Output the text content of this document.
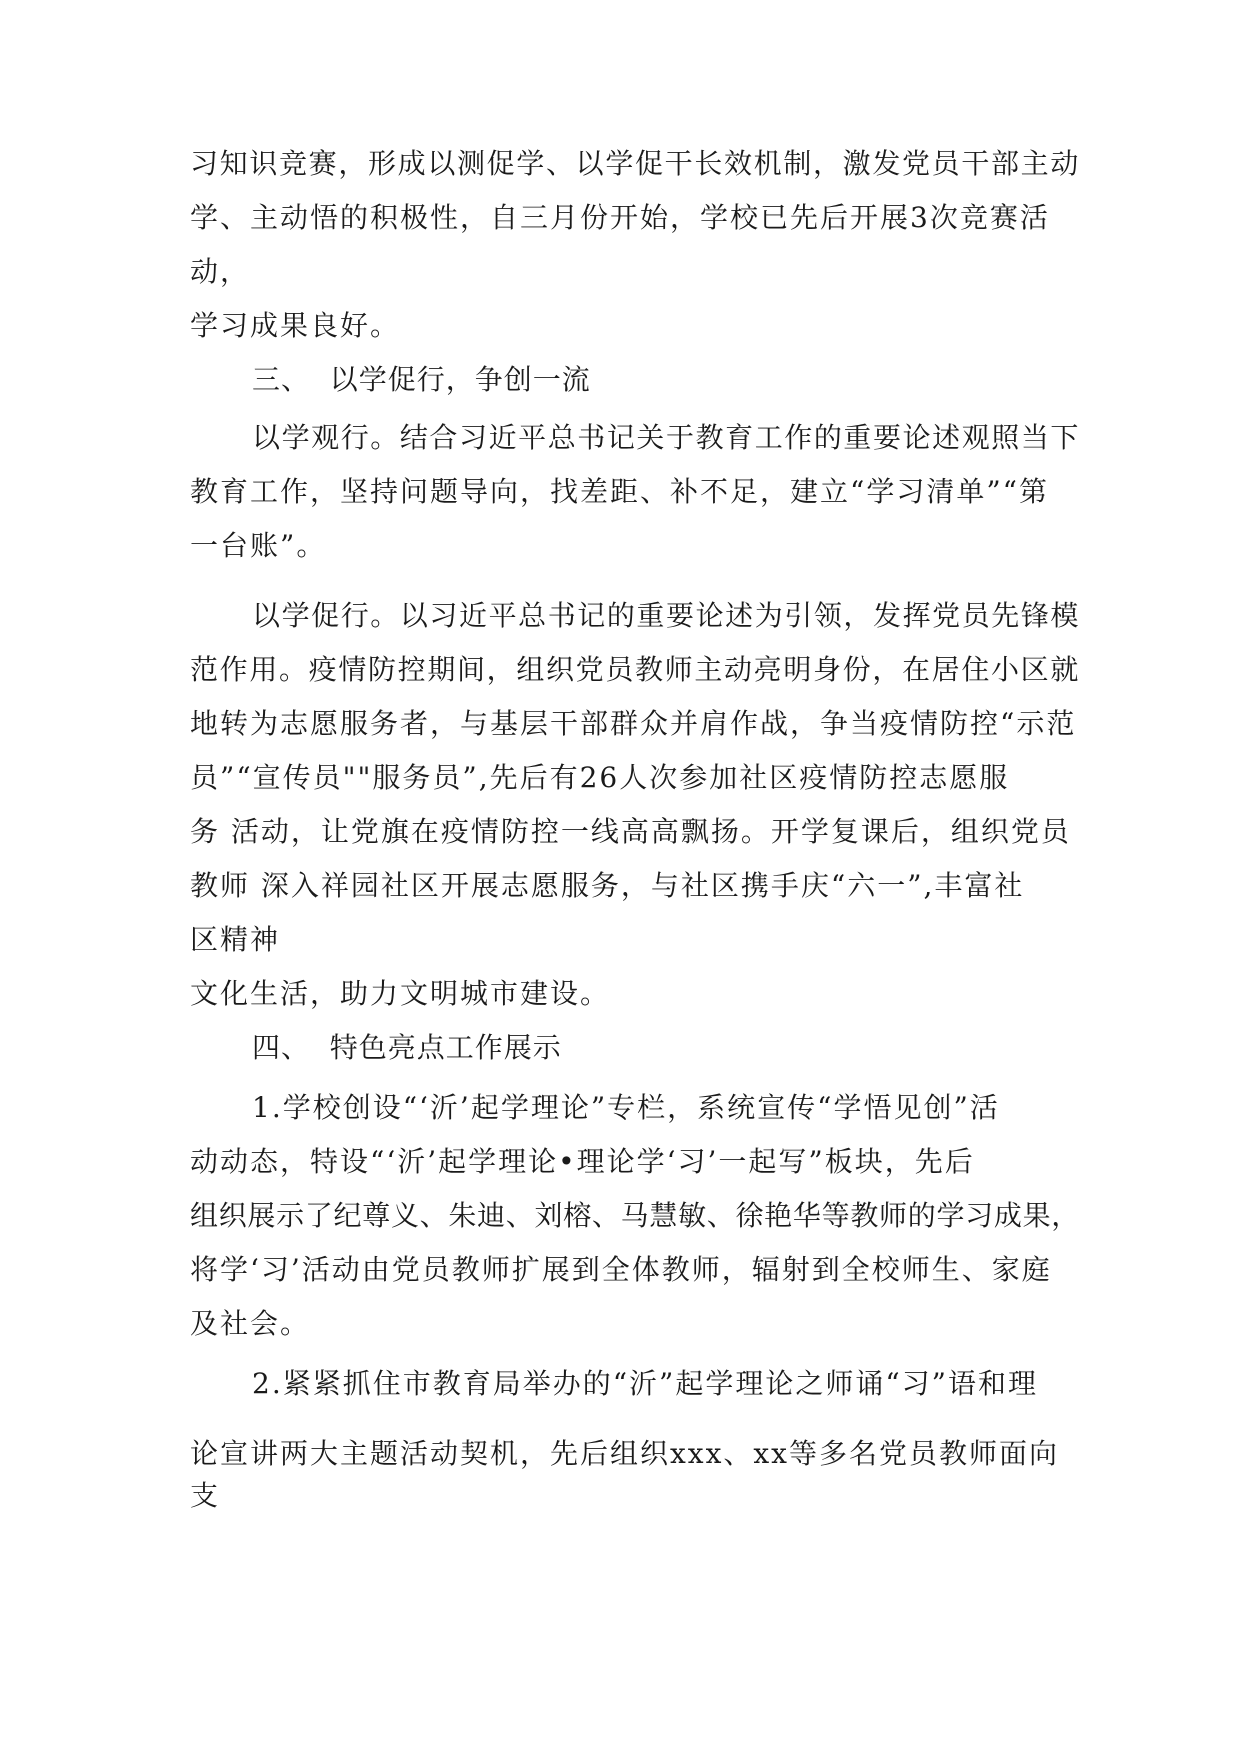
习知识竞赛，形成以测促学、以学促干长效机制，激发党员干部主动

学、主动悟的积极性，自三月份开始，学校已先后开展3次竞赛活

动，

学习成果良好。

三、  以学促行，争创一流

以学观行。结合习近平总书记关于教育工作的重要论述观照当下

教育工作，坚持问题导向，找差距、补不足，建立“学习清单”“第

一台账”。

以学促行。以习近平总书记的重要论述为引领，发挥党员先锋模

范作用。疫情防控期间，组织党员教师主动亮明身份，在居住小区就

地转为志愿服务者，与基层干部群众并肩作战，争当疫情防控“示范

员”“宣传员""服务员”,先后有26人次参加社区疫情防控志愿服

务 活动，让党旗在疫情防控一线高高飘扬。开学复课后，组织党员

教师 深入祥园社区开展志愿服务，与社区携手庆“六一”,丰富社

区精神

文化生活，助力文明城市建设。

四、  特色亮点工作展示

1.学校创设“‘沂’起学理论”专栏，系统宣传“学悟见创”活

动动态，特设“‘沂’起学理论•理论学‘习’一起写”板块，先后

组织展示了纪尊义、朱迪、刘榕、马慧敏、徐艳华等教师的学习成果，

将学‘习’活动由党员教师扩展到全体教师，辐射到全校师生、家庭

及社会。

2.紧紧抓住市教育局举办的“沂”起学理论之师诵“习”语和理

论宣讲两大主题活动契机，先后组织xxx、xx等多名党员教师面向

支
